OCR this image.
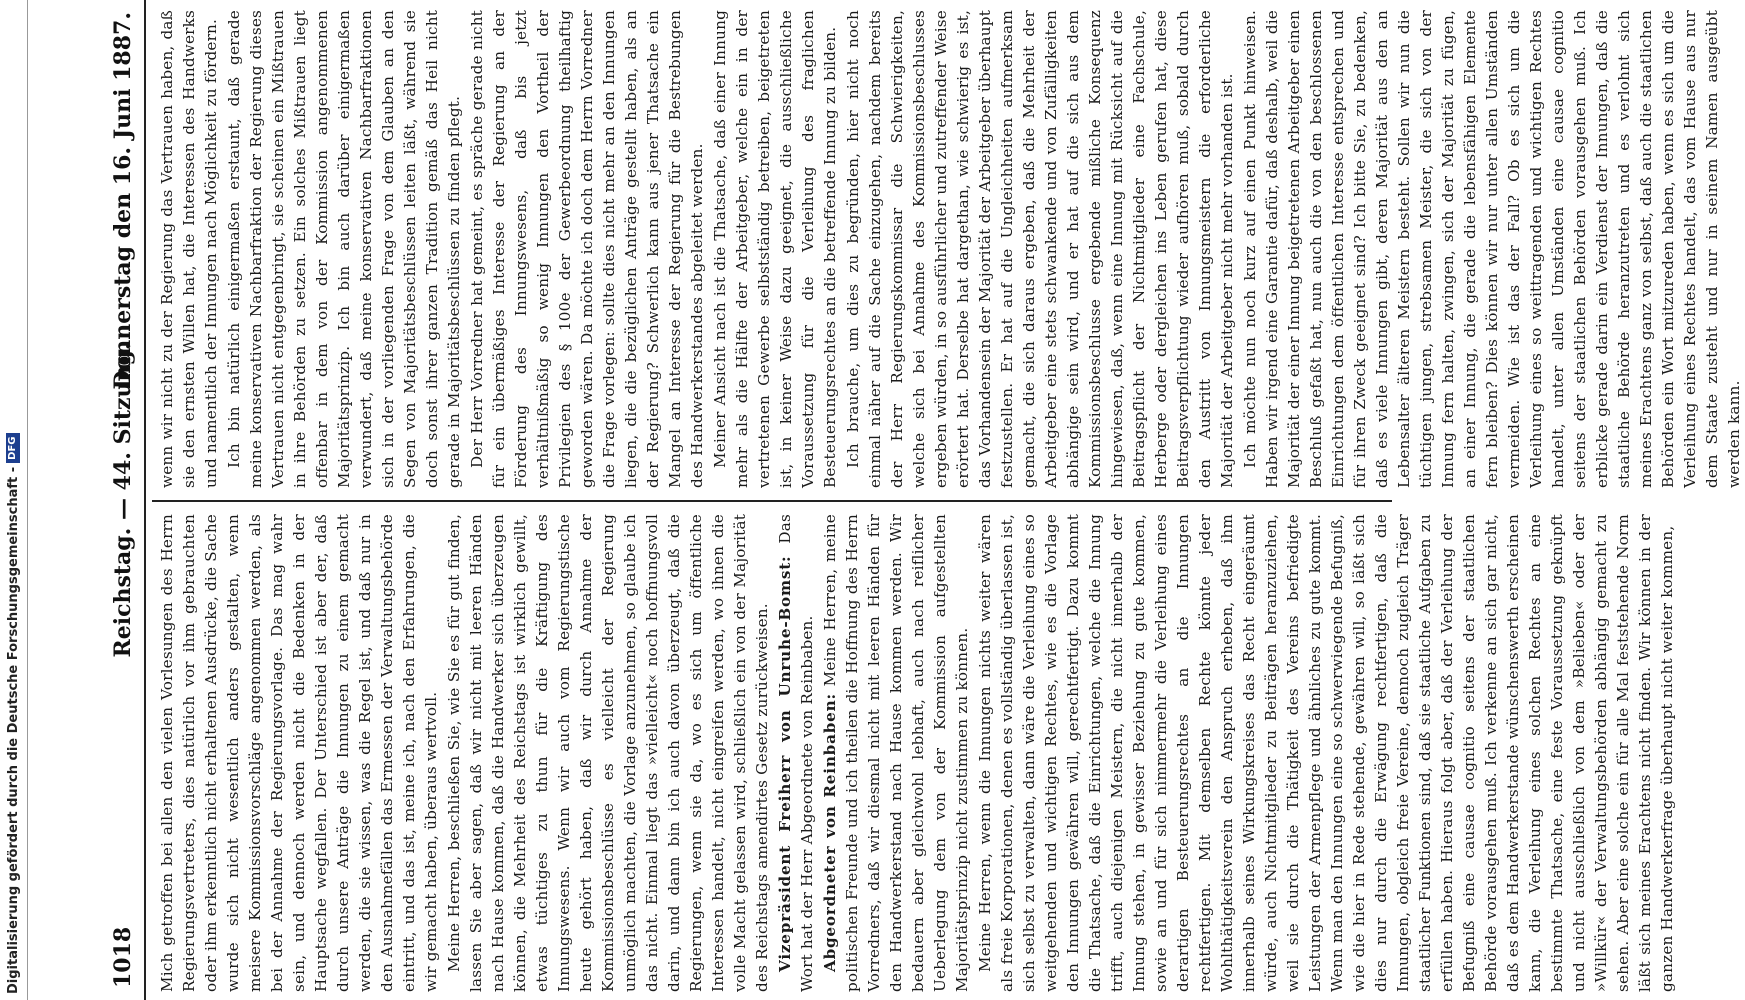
1018
Reichstag. — 44. Sitzung.
Donnerstag den 16. Juni 1887.

Mich getroffen bei allen den vielen Vorlesungen des Herrn Regierungsvertreters, dies natürlich vor ihm gebrauchten oder ihm erkenntlich nicht erhaltenen Ausdrücke, die Sache wurde sich nicht wesentlich anders gestalten, wenn meisere Kommissionsvorschläge angenommen werden, als bei der Annahme der Regierungsvorlage. Das mag wahr sein, und dennoch werden nicht die Bedenken in der Hauptsache wegfallen. Der Unterschied ist aber der, daß durch unsere Anträge die Innungen zu einem gemacht werden, die sie wissen, was die Regel ist, und daß nur in den Ausnahmefällen das Ermessen der Verwaltungsbehörde eintritt, und das ist, meine ich, nach den Erfahrungen, die wir gemacht haben, überaus wertvoll. Meine Herren, beschließen Sie, wie Sie es für gut finden, lassen Sie aber sagen, daß wir nicht mit leeren Händen nach Hause kommen, daß die Handwerker sich überzeugen können, die Mehrheit des Reichstags ist wirklich gewillt, etwas tüchtiges zu thun für die Kräftigung des Innungswesens. Wenn wir auch vom Regierungstische heute gehört haben, daß wir durch Annahme der Kommissionsbeschlüsse es vielleicht der Regierung unmöglich machten, die Vorlage anzunehmen, so glaube ich das nicht. Einmal liegt das »vielleicht« noch hoffnungsvoll darin, und dann bin ich auch davon überzeugt, daß die Regierungen, wenn sie da, wo es sich um öffentliche Interessen handelt, nicht eingreifen werden, wo ihnen die volle Macht gelassen wird, schließlich ein von der Majorität des Reichstags amendirtes Gesetz zurückweisen. Vizepräsident Freiherr von Unruhe-Bomst: Das Wort hat der Herr Abgeordnete von Reinbaben. Abgeordneter von Reinbaben: Meine Herren, meine politischen Freunde und ich theilen die Hoffnung des Herrn Vorredners, daß wir diesmal nicht mit leeren Händen für den Handwerkerstand nach Hause kommen werden. Wir bedauern aber gleichwohl lebhaft, auch nach reiflicher Ueberlegung dem von der Kommission aufgestellten Majoritätsprinzip nicht zustimmen zu können. Meine Herren, wenn die Innungen nichts weiter wären als freie Korporationen, denen es vollständig überlassen ist, sich selbst zu verwalten, dann wäre die Verleihung eines so weitgehenden und wichtigen Rechtes, wie es die Vorlage den Innungen gewähren will, gerechtfertigt. Dazu kommt die Thatsache, daß die Einrichtungen, welche die Innung trifft, auch diejenigen Meistern, die nicht innerhalb der Innung stehen, in gewisser Beziehung zu gute kommen, sowie an und für sich nimmermehr die Verleihung eines derartigen Besteuerungsrechtes an die Innungen rechtfertigen. Mit demselben Rechte könnte jeder Wohlthätigkeitsverein den Anspruch erheben, daß ihm innerhalb seines Wirkungskreises das Recht eingeräumt würde, auch Nichtmitglieder zu Beiträgen heranzuziehen, weil sie durch die Thätigkeit des Vereins befriedigte Leistungen der Armenpflege und ähnliches zu gute kommt. Wenn man den Innungen eine so schwerwiegende Befugniß, wie die hier in Rede stehende, gewähren will, so läßt sich dies nur durch die Erwägung rechtfertigen, daß die Innungen, obgleich freie Vereine, dennoch zugleich Träger staatlicher Funktionen sind, daß sie staatliche Aufgaben zu erfüllen haben. Hieraus folgt aber, daß der Verleihung der Befugniß eine causae cognitio seitens der staatlichen Behörde vorausgehen muß. Ich verkenne an sich gar nicht, daß es dem Handwerkerstande wünschenswerth erscheinen kann, die Verleihung eines solchen Rechtes an eine bestimmte Thatsache, eine feste Voraussetzung geknüpft und nicht ausschließlich von dem »Belieben« oder der »Willkür« der Verwaltungsbehörden abhängig gemacht zu sehen. Aber eine solche ein für alle Mal feststehende Norm läßt sich meines Erachtens nicht finden. Wir können in der ganzen Handwerkerfrage überhaupt nicht weiter kommen,

wenn wir nicht zu der Regierung das Vertrauen haben, daß sie den ernsten Willen hat, die Interessen des Handwerks und namentlich der Innungen nach Möglichkeit zu fördern. Ich bin natürlich einigermaßen erstaunt, daß gerade meine konservativen Nachbarfraktion der Regierung dieses Vertrauen nicht entgegenbringt, sie scheinen ein Mißtrauen in ihre Behörden zu setzen. Ein solches Mißtrauen liegt offenbar in dem von der Kommission angenommenen Majoritätsprinzip. Ich bin auch darüber einigermaßen verwundert, daß meine konservativen Nachbarfraktionen sich in der vorliegenden Frage von dem Glauben an den Segen von Majoritätsbeschlüssen leiten läßt, während sie doch sonst ihrer ganzen Tradition gemäß das Heil nicht gerade in Majoritätsbeschlüssen zu finden pflegt. Der Herr Vorredner hat gemeint, es spräche gerade nicht für ein übermäßiges Interesse der Regierung an der Förderung des Innungswesens, daß bis jetzt verhältnißmäßig so wenig Innungen den Vortheil der Privilegien des § 100e der Gewerbeordnung theilhaftig geworden wären. Da möchte ich doch dem Herrn Vorredner die Frage vorlegen: sollte dies nicht mehr an den Innungen liegen, die die bezüglichen Anträge gestellt haben, als an der Regierung? Schwerlich kann aus jener Thatsache ein Mangel an Interesse der Regierung für die Bestrebungen des Handwerkerstandes abgeleitet werden. Meiner Ansicht nach ist die Thatsache, daß einer Innung mehr als die Hälfte der Arbeitgeber, welche ein in der vertretenen Gewerbe selbstständig betreiben, beigetreten ist, in keiner Weise dazu geeignet, die ausschließliche Voraussetzung für die Verleihung des fraglichen Besteuerungsrechtes an die betreffende Innung zu bilden. Ich brauche, um dies zu begründen, hier nicht noch einmal näher auf die Sache einzugehen, nachdem bereits der Herr Regierungskommissar die Schwierigkeiten, welche sich bei Annahme des Kommissionsbeschlusses ergeben würden, in so ausführlicher und zutreffender Weise erörtert hat. Derselbe hat dargethan, wie schwierig es ist, das Vorhandensein der Majorität der Arbeitgeber überhaupt festzustellen. Er hat auf die Ungleichheiten aufmerksam gemacht, die sich daraus ergeben, daß die Mehrheit der Arbeitgeber eine stets schwankende und von Zufälligkeiten abhängige sein wird, und er hat auf die sich aus dem Kommissionsbeschlusse ergebende mißliche Konsequenz hingewiesen, daß, wenn eine Innung mit Rücksicht auf die Beitragspflicht der Nichtmitglieder eine Fachschule, Herberge oder dergleichen ins Leben gerufen hat, diese Beitragsverpflichtung wieder aufhören muß, sobald durch den Austritt von Innungsmeistern die erforderliche Majorität der Arbeitgeber nicht mehr vorhanden ist. Ich möchte nun noch kurz auf einen Punkt hinweisen. Haben wir irgend eine Garantie dafür, daß deshalb, weil die Majorität der einer Innung beigetretenen Arbeitgeber einen Beschluß gefaßt hat, nun auch die von den beschlossenen Einrichtungen dem öffentlichen Interesse entsprechen und für ihren Zweck geeignet sind? Ich bitte Sie, zu bedenken, daß es viele Innungen gibt, deren Majorität aus den an Lebensalter älteren Meistern besteht. Sollen wir nun die tüchtigen jungen, strebsamen Meister, die sich von der Innung fern halten, zwingen, sich der Majorität zu fügen, an einer Innung, die gerade die lebensfähigen Elemente fern bleiben? Dies können wir nur unter allen Umständen vermeiden. Wie ist das der Fall? Ob es sich um die Verleihung eines so weittragenden und wichtigen Rechtes handelt, unter allen Umständen eine causae cognitio seitens der staatlichen Behörden vorausgehen muß. Ich erblicke gerade darin ein Verdienst der Innungen, daß die staatliche Behörde heranzutreten und es verlohnt sich meines Erachtens ganz von selbst, daß auch die staatlichen Behörden ein Wort mitzureden haben, wenn es sich um die Verleihung eines Rechtes handelt, das vom Hause aus nur dem Staate zusteht und nur in seinem Namen ausgeübt werden kann.

Digitalisierung gefördert durch die Deutsche Forschungsgemeinschaft -
DFG
